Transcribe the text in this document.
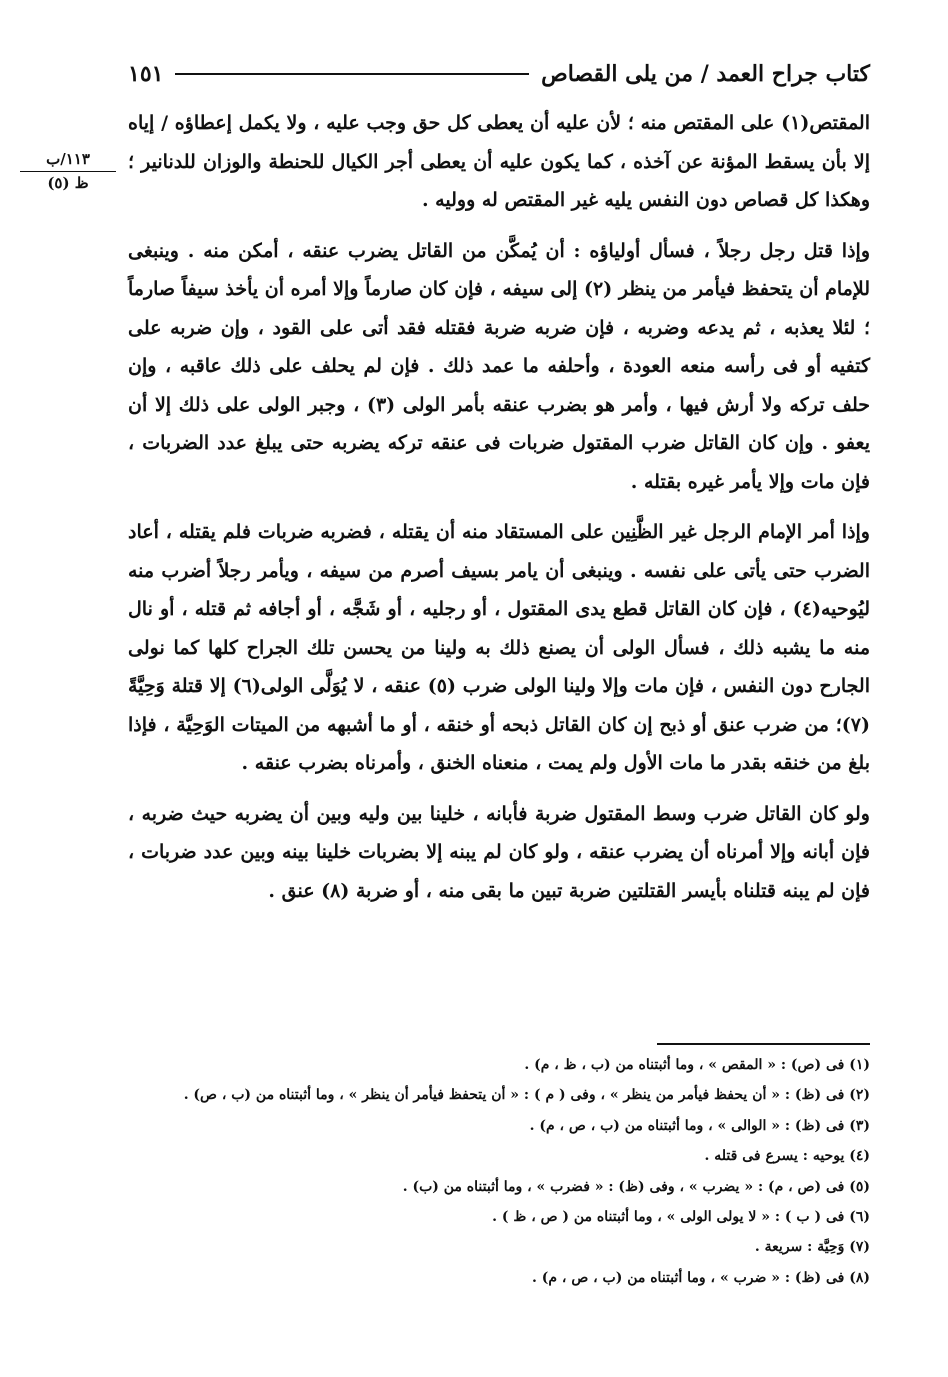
كتاب جراح العمد / من يلى القصاص
١٥١
١١٣/ب
ظ (٥)

المقتص(١) على المقتص منه ؛ لأن عليه أن يعطى كل حق وجب عليه ، ولا يكمل إعطاؤه / إياه إلا بأن يسقط المؤنة عن آخذه ، كما يكون عليه أن يعطى أجر الكيال للحنطة والوزان للدنانير ؛ وهكذا كل قصاص دون النفس يليه غير المقتص له ووليه .

وإذا قتل رجل رجلاً ، فسأل أولياؤه : أن يُمكَّن من القاتل يضرب عنقه ، أمكن منه . وينبغى للإمام أن يتحفظ فيأمر من ينظر (٢) إلى سيفه ، فإن كان صارماً وإلا أمره أن يأخذ سيفاً صارماً ؛ لئلا يعذبه ، ثم يدعه وضربه ، فإن ضربه ضربة فقتله فقد أتى على القود ، وإن ضربه على كتفيه أو فى رأسه منعه العودة ، وأحلفه ما عمد ذلك . فإن لم يحلف على ذلك عاقبه ، وإن حلف تركه ولا أرش فيها ، وأمر هو بضرب عنقه بأمر الولى (٣) ، وجبر الولى على ذلك إلا أن يعفو . وإن كان القاتل ضرب المقتول ضربات فى عنقه تركه يضربه حتى يبلغ عدد الضربات ، فإن مات وإلا يأمر غيره بقتله .

وإذا أمر الإمام الرجل غير الظَّنِين على المستقاد منه أن يقتله ، فضربه ضربات فلم يقتله ، أعاد الضرب حتى يأتى على نفسه . وينبغى أن يامر بسيف أصرم من سيفه ، ويأمر رجلاً أضرب منه ليُوحيه(٤) ، فإن كان القاتل قطع يدى المقتول ، أو رجليه ، أو شَجَّه ، أو أجافه ثم قتله ، أو نال منه ما يشبه ذلك ، فسأل الولى أن يصنع ذلك به ولينا من يحسن تلك الجراح كلها كما نولى الجارح دون النفس ، فإن مات وإلا ولينا الولى ضرب (٥) عنقه ، لا يُوَلَّى الولى(٦) إلا قتلة وَحِيَّةً (٧)؛ من ضرب عنق أو ذبح إن كان القاتل ذبحه أو خنقه ، أو ما أشبهه من الميتات الوَحِيَّة ، فإذا بلغ من خنقه بقدر ما مات الأول ولم يمت ، منعناه الخنق ، وأمرناه بضرب عنقه .

ولو كان القاتل ضرب وسط المقتول ضربة فأبانه ، خلينا بين وليه وبين أن يضربه حيث ضربه ، فإن أبانه وإلا أمرناه أن يضرب عنقه ، ولو كان لم يبنه إلا بضربات خلينا بينه وبين عدد ضربات ، فإن لم يبنه قتلناه بأيسر القتلتين ضربة تبين ما بقى منه ، أو ضربة (٨) عنق .

(١) فى (ص) : « المقص » ، وما أثبتناه من (ب ، ظ ، م) .

(٢) فى (ظ) : « أن يحفظ فيأمر من ينظر » ، وفى ( م ) : « أن يتحفظ فيأمر أن ينظر » ، وما أثبتناه من (ب ، ص) .

(٣) فى (ظ) : « الوالى » ، وما أثبتناه من (ب ، ص ، م) .

(٤) يوحيه : يسرع فى قتله .

(٥) فى (ص ، م) : « يضرب » ، وفى (ظ) : « فضرب » ، وما أثبتناه من (ب) .

(٦) فى ( ب ) : « لا يولى الولى » ، وما أثبتناه من ( ص ، ظ ) .

(٧) وَحِيَّة : سريعة .

(٨) فى (ظ) : « ضرب » ، وما أثبتناه من (ب ، ص ، م) .
